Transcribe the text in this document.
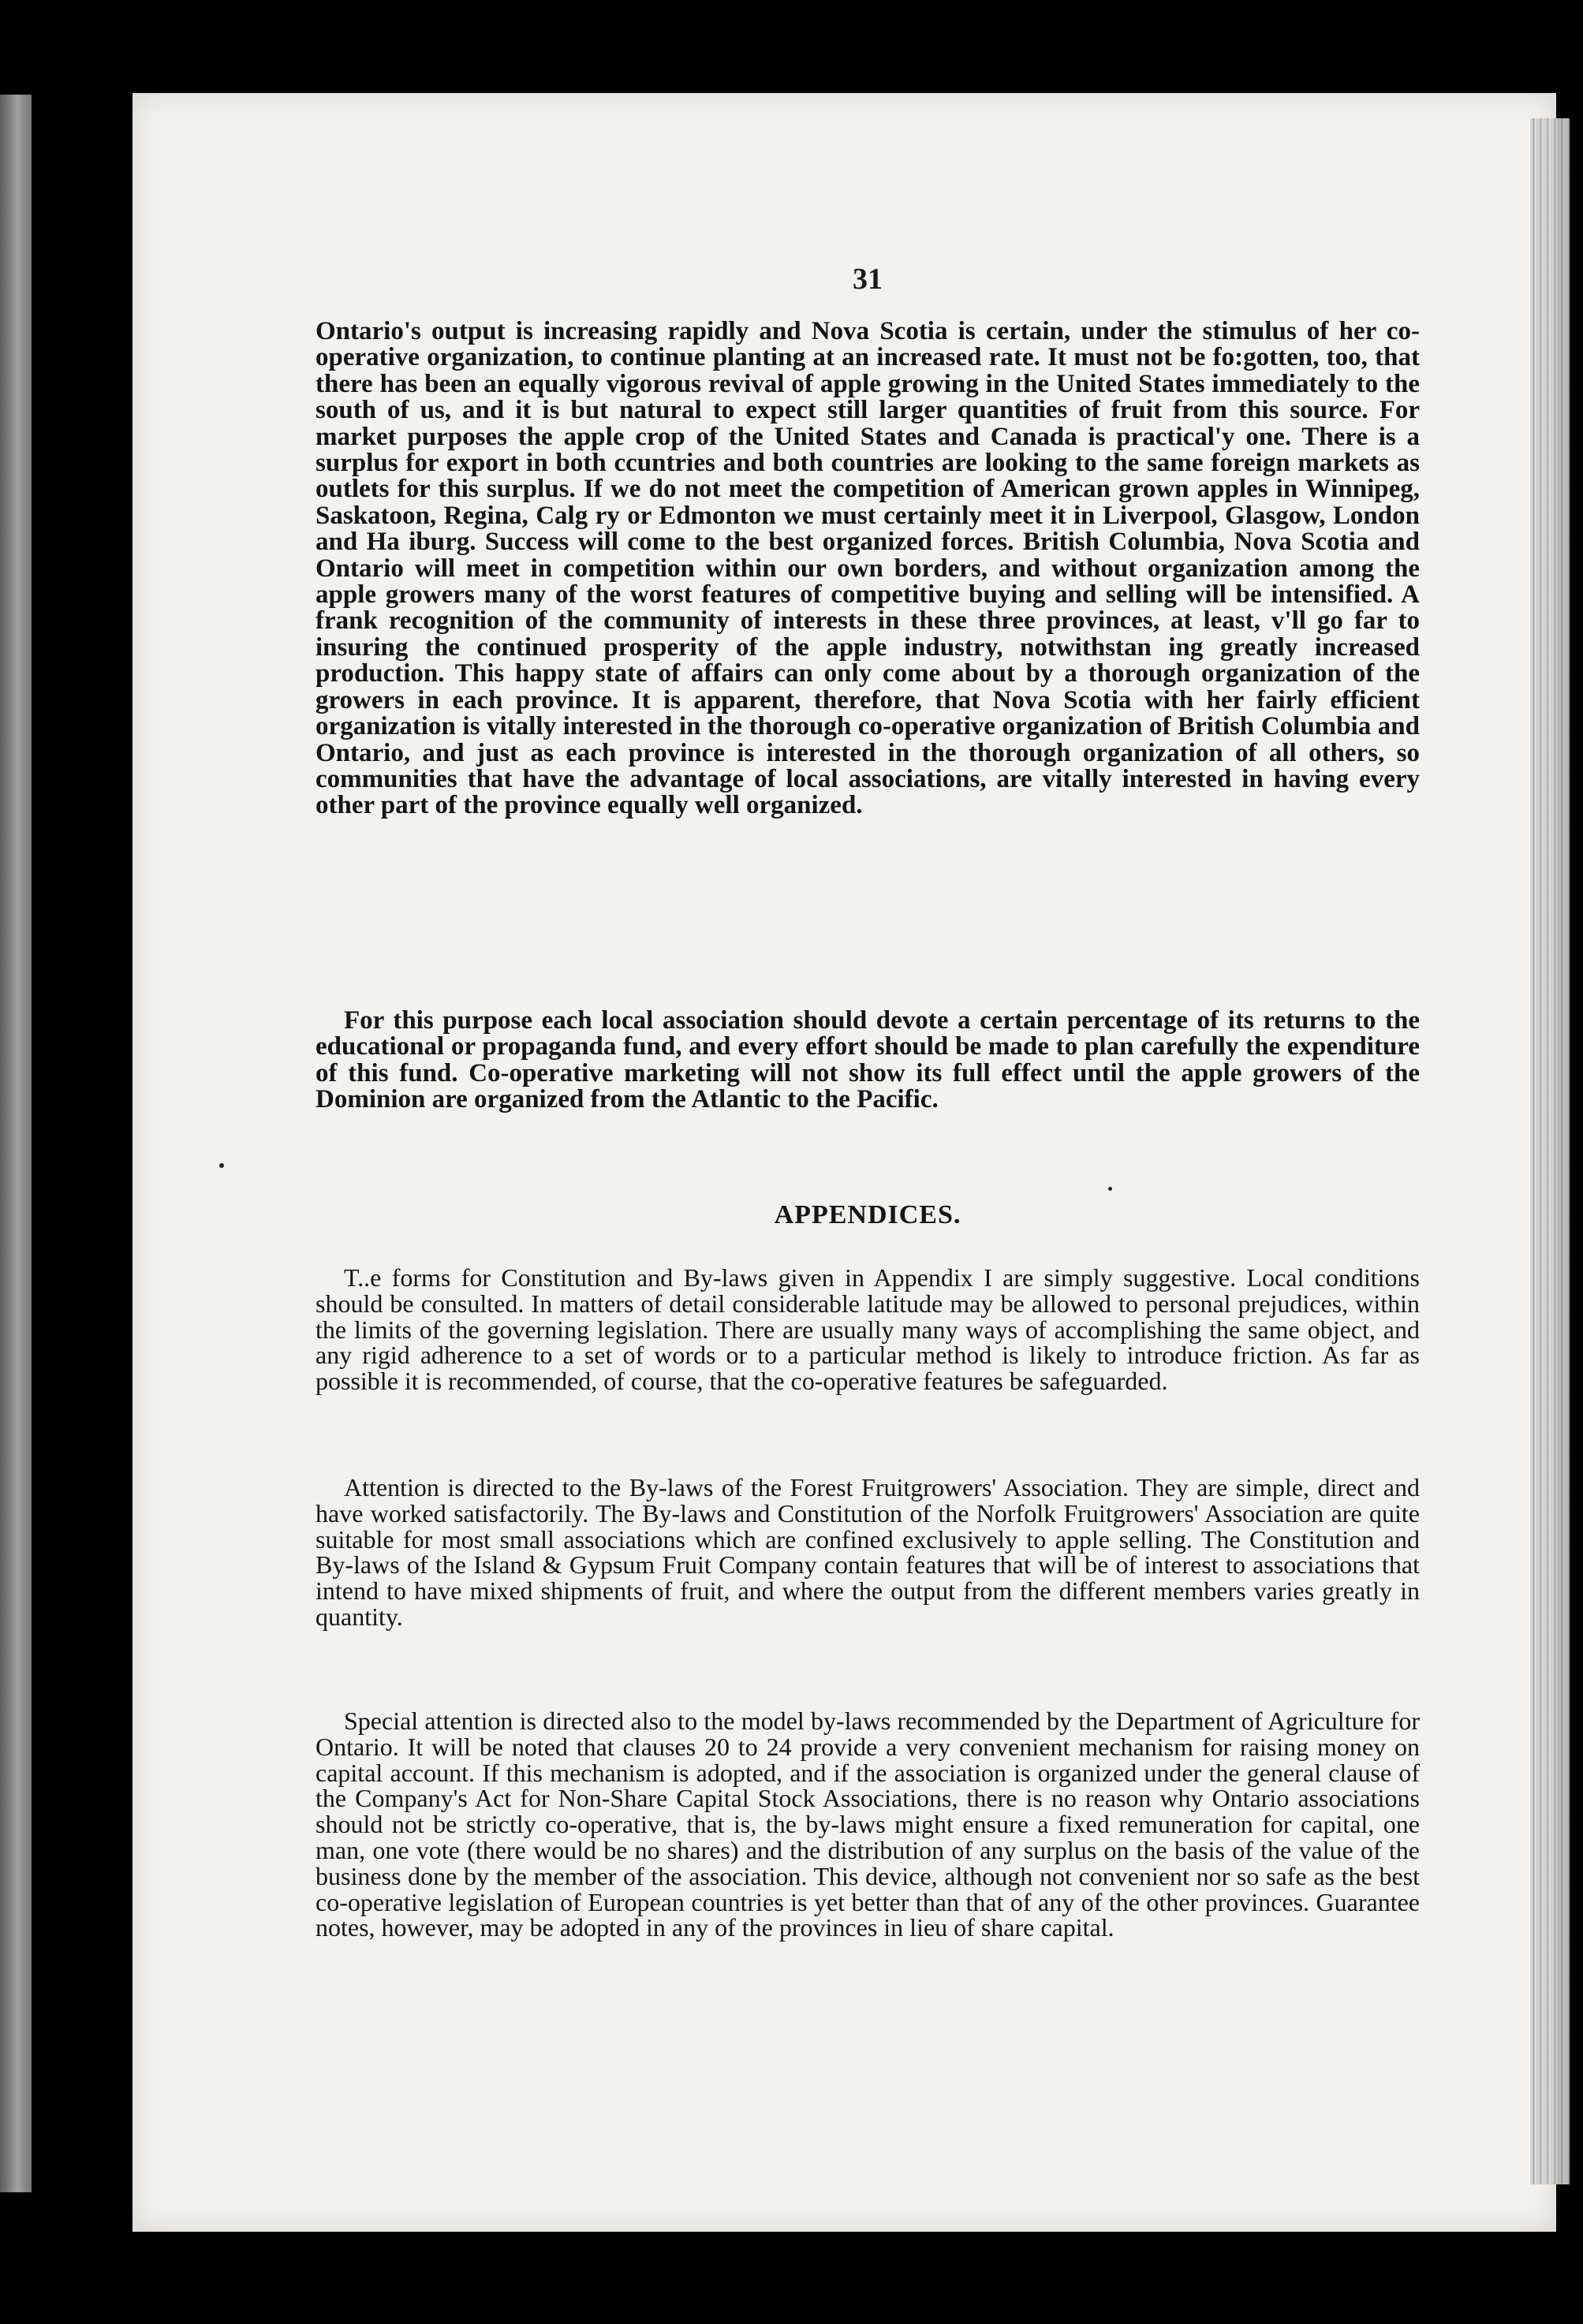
31

Ontario's output is increasing rapidly and Nova Scotia is certain, under the stimulus of her co-operative organization, to continue planting at an increased rate. It must not be fo:gotten, too, that there has been an equally vigorous revival of apple growing in the United States immediately to the south of us, and it is but natural to expect still larger quantities of fruit from this source. For market purposes the apple crop of the United States and Canada is practical'y one. There is a surplus for export in both ccuntries and both countries are looking to the same foreign markets as outlets for this surplus. If we do not meet the competition of American grown apples in Winnipeg, Saskatoon, Regina, Calg ry or Edmonton we must certainly meet it in Liverpool, Glasgow, London and Ha iburg. Success will come to the best organized forces. British Columbia, Nova Scotia and Ontario will meet in competition within our own borders, and without organization among the apple growers many of the worst features of competitive buying and selling will be intensified. A frank recognition of the community of interests in these three provinces, at least, v'll go far to insuring the continued prosperity of the apple industry, notwithstan ing greatly increased production. This happy state of affairs can only come about by a thorough organization of the growers in each province. It is apparent, therefore, that Nova Scotia with her fairly efficient organization is vitally interested in the thorough co-operative organization of British Columbia and Ontario, and just as each province is interested in the thorough organization of all others, so communities that have the advantage of local associations, are vitally interested in having every other part of the province equally well organized.

For this purpose each local association should devote a certain percentage of its returns to the educational or propaganda fund, and every effort should be made to plan carefully the expenditure of this fund. Co-operative marketing will not show its full effect until the apple growers of the Dominion are organized from the Atlantic to the Pacific.

APPENDICES.

T..e forms for Constitution and By-laws given in Appendix I are simply suggestive. Local conditions should be consulted. In matters of detail considerable latitude may be allowed to personal prejudices, within the limits of the governing legislation. There are usually many ways of accomplishing the same object, and any rigid adherence to a set of words or to a particular method is likely to introduce friction. As far as possible it is recommended, of course, that the co-operative features be safeguarded.

Attention is directed to the By-laws of the Forest Fruitgrowers' Association. They are simple, direct and have worked satisfactorily. The By-laws and Constitution of the Norfolk Fruitgrowers' Association are quite suitable for most small associations which are confined exclusively to apple selling. The Constitution and By-laws of the Island & Gypsum Fruit Company contain features that will be of interest to associations that intend to have mixed shipments of fruit, and where the output from the different members varies greatly in quantity.

Special attention is directed also to the model by-laws recommended by the Department of Agriculture for Ontario. It will be noted that clauses 20 to 24 provide a very convenient mechanism for raising money on capital account. If this mechanism is adopted, and if the association is organized under the general clause of the Company's Act for Non-Share Capital Stock Associations, there is no reason why Ontario associations should not be strictly co-operative, that is, the by-laws might ensure a fixed remuneration for capital, one man, one vote (there would be no shares) and the distribution of any surplus on the basis of the value of the business done by the member of the association. This device, although not convenient nor so safe as the best co-operative legislation of European countries is yet better than that of any of the other provinces. Guarantee notes, however, may be adopted in any of the provinces in lieu of share capital.
